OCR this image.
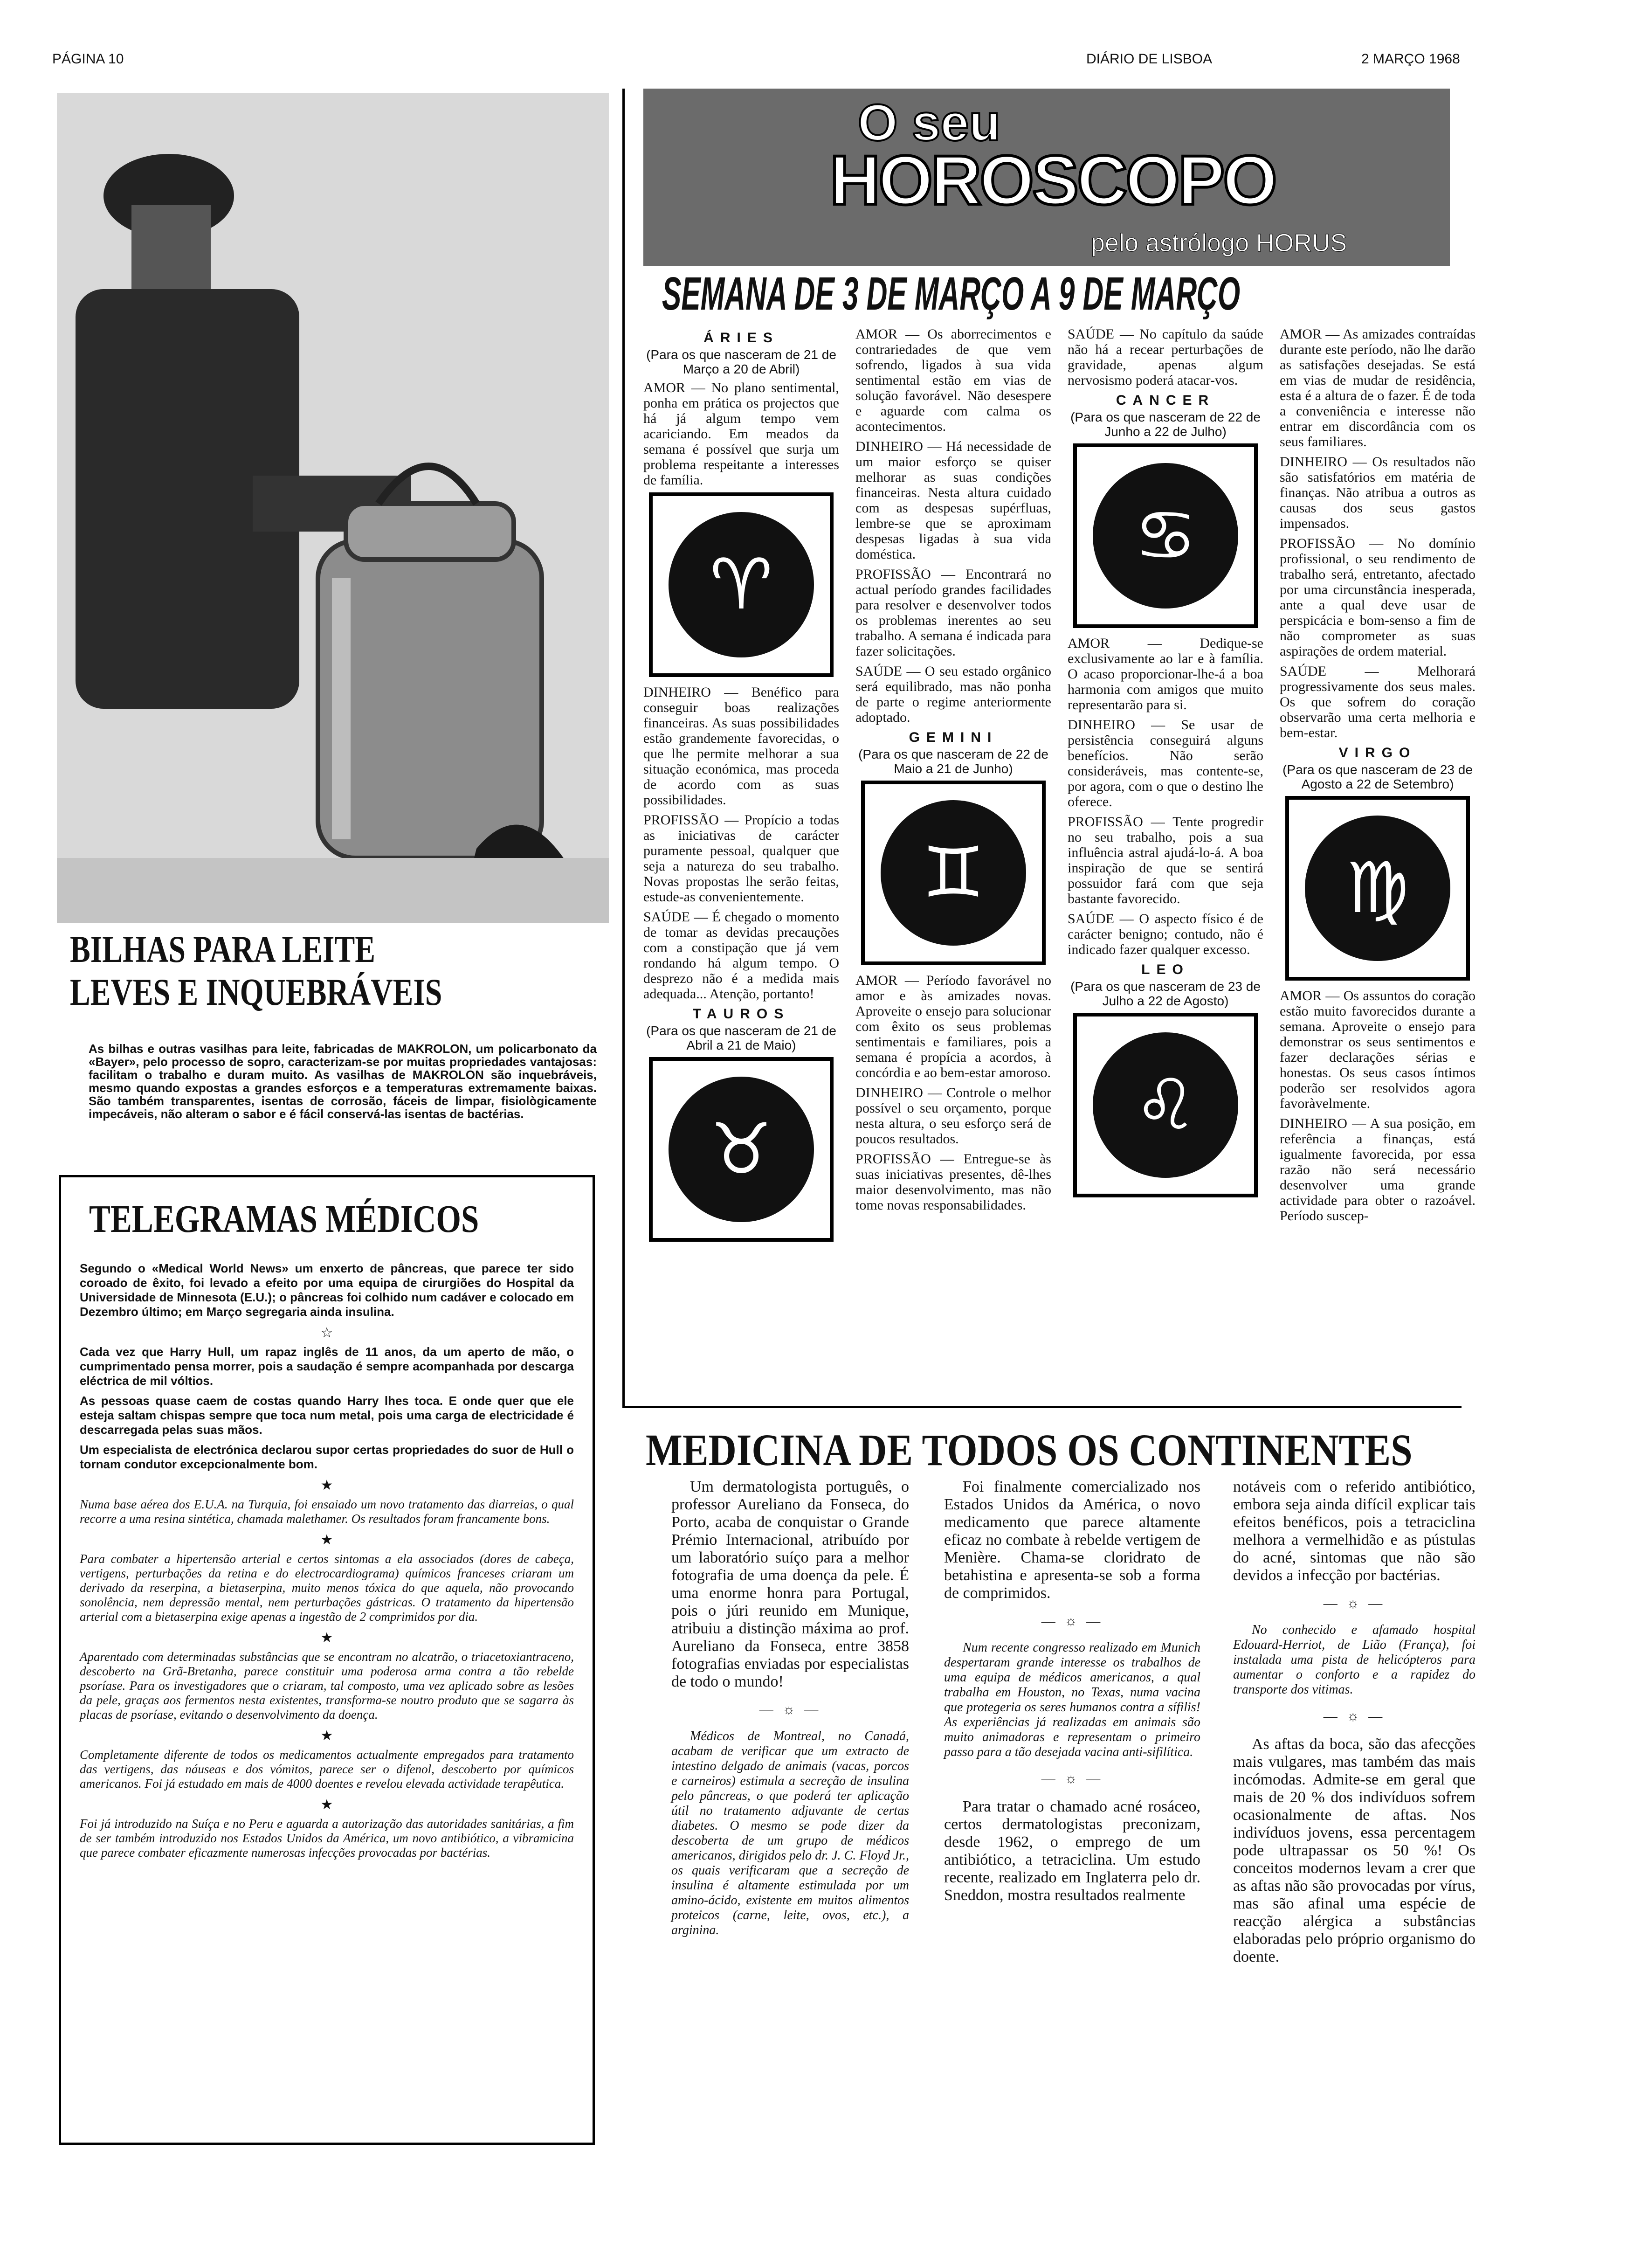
PÁGINA 10	DIÁRIO DE LISBOA	2 MARÇO 1968
BILHAS PARA LEITE
LEVES E INQUEBRÁVEIS
As bilhas e outras vasilhas para leite, fabricadas de MAKROLON, um policarbonato da «Bayer», pelo processo de sopro, caracterizam-se por muitas propriedades vantajosas: facilitam o trabalho e duram muito. As vasilhas de MAKROLON são inquebráveis, mesmo quando expostas a grandes esforços e a temperaturas extremamente baixas. São também transparentes, isentas de corrosão, fáceis de limpar, fisiològicamente impecáveis, não alteram o sabor e é fácil conservá-las isentas de bactérias.
TELEGRAMAS MÉDICOS

Segundo o «Medical World News» um enxerto de pâncreas, que parece ter sido coroado de êxito, foi levado a efeito por uma equipa de cirurgiões do Hospital da Universidade de Minnesota (E.U.); o pâncreas foi colhido num cadáver e colocado em Dezembro último; em Março segregaria ainda insulina.

☆

Cada vez que Harry Hull, um rapaz inglês de 11 anos, da um aperto de mão, o cumprimentado pensa morrer, pois a saudação é sempre acompanhada por descarga eléctrica de mil vóltios.

As pessoas quase caem de costas quando Harry lhes toca. E onde quer que ele esteja saltam chispas sempre que toca num metal, pois uma carga de electricidade é descarregada pelas suas mãos.

Um especialista de electrónica declarou supor certas propriedades do suor de Hull o tornam condutor excepcionalmente bom.

★

Numa base aérea dos E.U.A. na Turquia, foi ensaiado um novo tratamento das diarreias, o qual recorre a uma resina sintética, chamada malethamer. Os resultados foram francamente bons.

★

Para combater a hipertensão arterial e certos sintomas a ela associados (dores de cabeça, vertigens, perturbações da retina e do electrocardiograma) químicos franceses criaram um derivado da reserpina, a bietaserpina, muito menos tóxica do que aquela, não provocando sonolência, nem depressão mental, nem perturbações gástricas. O tratamento da hipertensão arterial com a bietaserpina exige apenas a ingestão de 2 comprimidos por dia.

★

Aparentado com determinadas substâncias que se encontram no alcatrão, o triacetoxiantraceno, descoberto na Grã-Bretanha, parece constituir uma poderosa arma contra a tão rebelde psoríase. Para os investigadores que o criaram, tal composto, uma vez aplicado sobre as lesões da pele, graças aos fermentos nesta existentes, transforma-se noutro produto que se sagarra às placas de psoríase, evitando o desenvolvimento da doença.

★

Completamente diferente de todos os medicamentos actualmente empregados para tratamento das vertigens, das náuseas e dos vómitos, parece ser o difenol, descoberto por químicos americanos. Foi já estudado em mais de 4000 doentes e revelou elevada actividade terapêutica.

★

Foi já introduzido na Suíça e no Peru e aguarda a autorização das autoridades sanitárias, a fim de ser também introduzido nos Estados Unidos da América, um novo antibiótico, a vibramicina que parece combater eficazmente numerosas infecções provocadas por bactérias.

O seu
HOROSCOPO
pelo astrólogo HORUS
SEMANA DE 3 DE MARÇO A 9 DE MARÇO
ÁRIES
(Para os que nasceram de 21 de Março a 20 de Abril)

AMOR — No plano sentimental, ponha em prática os projectos que há já algum tempo vem acariciando. Em meados da semana é possível que surja um problema respeitante a interesses de família.

♈

DINHEIRO — Benéfico para conseguir boas realizações financeiras. As suas possibilidades estão grandemente favorecidas, o que lhe permite melhorar a sua situação económica, mas proceda de acordo com as suas possibilidades.

PROFISSÃO — Propício a todas as iniciativas de carácter puramente pessoal, qualquer que seja a natureza do seu trabalho. Novas propostas lhe serão feitas, estude-as convenientemente.

SAÚDE — É chegado o momento de tomar as devidas precauções com a constipação que já vem rondando há algum tempo. O desprezo não é a medida mais adequada... Atenção, portanto!

TAUROS
(Para os que nasceram de 21 de Abril a 21 de Maio)
♉

AMOR — Os aborrecimentos e contrariedades de que vem sofrendo, ligados à sua vida sentimental estão em vias de solução favorável. Não desespere e aguarde com calma os acontecimentos.

DINHEIRO — Há necessidade de um maior esforço se quiser melhorar as suas condições financeiras. Nesta altura cuidado com as despesas supérfluas, lembre-se que se aproximam despesas ligadas à sua vida doméstica.

PROFISSÃO — Encontrará no actual período grandes facilidades para resolver e desenvolver todos os problemas inerentes ao seu trabalho. A semana é indicada para fazer solicitações.

SAÚDE — O seu estado orgânico será equilibrado, mas não ponha de parte o regime anteriormente adoptado.

GEMINI
(Para os que nasceram de 22 de Maio a 21 de Junho)
♊

AMOR — Período favorável no amor e às amizades novas. Aproveite o ensejo para solucionar com êxito os seus problemas sentimentais e familiares, pois a semana é propícia a acordos, à concórdia e ao bem-estar amoroso.

DINHEIRO — Controle o melhor possível o seu orçamento, porque nesta altura, o seu esforço será de poucos resultados.

PROFISSÃO — Entregue-se às suas iniciativas presentes, dê-lhes maior desenvolvimento, mas não tome novas responsabilidades.

SAÚDE — No capítulo da saúde não há a recear perturbações de gravidade, apenas algum nervosismo poderá atacar-vos.

CANCER
(Para os que nasceram de 22 de Junho a 22 de Julho)
♋

AMOR — Dedique-se exclusivamente ao lar e à família. O acaso proporcionar-lhe-á a boa harmonia com amigos que muito representarão para si.

DINHEIRO — Se usar de persistência conseguirá alguns benefícios. Não serão consideráveis, mas contente-se, por agora, com o que o destino lhe oferece.

PROFISSÃO — Tente progredir no seu trabalho, pois a sua influência astral ajudá-lo-á. A boa inspiração de que se sentirá possuidor fará com que seja bastante favorecido.

SAÚDE — O aspecto físico é de carácter benigno; contudo, não é indicado fazer qualquer excesso.

LEO
(Para os que nasceram de 23 de Julho a 22 de Agosto)
♌

AMOR — As amizades contraídas durante este período, não lhe darão as satisfações desejadas. Se está em vias de mudar de residência, esta é a altura de o fazer. É de toda a conveniência e interesse não entrar em discordância com os seus familiares.

DINHEIRO — Os resultados não são satisfatórios em matéria de finanças. Não atribua a outros as causas dos seus gastos impensados.

PROFISSÃO — No domínio profissional, o seu rendimento de trabalho será, entretanto, afectado por uma circunstância inesperada, ante a qual deve usar de perspicácia e bom-senso a fim de não comprometer as suas aspirações de ordem material.

SAÚDE — Melhorará progressivamente dos seus males. Os que sofrem do coração observarão uma certa melhoria e bem-estar.

VIRGO
(Para os que nasceram de 23 de Agosto a 22 de Setembro)
♍

AMOR — Os assuntos do coração estão muito favorecidos durante a semana. Aproveite o ensejo para demonstrar os seus sentimentos e fazer declarações sérias e honestas. Os seus casos íntimos poderão ser resolvidos agora favoràvelmente.

DINHEIRO — A sua posição, em referência a finanças, está igualmente favorecida, por essa razão não será necessário desenvolver uma grande actividade para obter o razoável. Período suscep-

MEDICINA DE TODOS OS CONTINENTES

Um dermatologista português, o professor Aureliano da Fonseca, do Porto, acaba de conquistar o Grande Prémio Internacional, atribuído por um laboratório suíço para a melhor fotografia de uma doença da pele. É uma enorme honra para Portugal, pois o júri reunido em Munique, atribuiu a distinção máxima ao prof. Aureliano da Fonseca, entre 3858 fotografias enviadas por especialistas de todo o mundo!

— ☼ —

Médicos de Montreal, no Canadá, acabam de verificar que um extracto de intestino delgado de animais (vacas, porcos e carneiros) estimula a secreção de insulina pelo pâncreas, o que poderá ter aplicação útil no tratamento adjuvante de certas diabetes. O mesmo se pode dizer da descoberta de um grupo de médicos americanos, dirigidos pelo dr. J. C. Floyd Jr., os quais verificaram que a secreção de insulina é altamente estimulada por um amino-ácido, existente em muitos alimentos proteicos (carne, leite, ovos, etc.), a arginina.

Foi finalmente comercializado nos Estados Unidos da América, o novo medicamento que parece altamente eficaz no combate à rebelde vertigem de Menière. Chama-se cloridrato de betahistina e apresenta-se sob a forma de comprimidos.

— ☼ —

Num recente congresso realizado em Munich despertaram grande interesse os trabalhos de uma equipa de médicos americanos, a qual trabalha em Houston, no Texas, numa vacina que protegeria os seres humanos contra a sífilis! As experiências já realizadas em animais são muito animadoras e representam o primeiro passo para a tão desejada vacina anti-sifilítica.

— ☼ —

Para tratar o chamado acné rosáceo, certos dermatologistas preconizam, desde 1962, o emprego de um antibiótico, a tetraciclina. Um estudo recente, realizado em Inglaterra pelo dr. Sneddon, mostra resultados realmente

notáveis com o referido antibiótico, embora seja ainda difícil explicar tais efeitos benéficos, pois a tetraciclina melhora a vermelhidão e as pústulas do acné, sintomas que não são devidos a infecção por bactérias.

— ☼ —

No conhecido e afamado hospital Edouard-Herriot, de Lião (França), foi instalada uma pista de helicópteros para aumentar o conforto e a rapidez do transporte dos vitimas.

— ☼ —

As aftas da boca, são das afecções mais vulgares, mas também das mais incómodas. Admite-se em geral que mais de 20 % dos indivíduos sofrem ocasionalmente de aftas. Nos indivíduos jovens, essa percentagem pode ultrapassar os 50 %! Os conceitos modernos levam a crer que as aftas não são provocadas por vírus, mas são afinal uma espécie de reacção alérgica a substâncias elaboradas pelo próprio organismo do doente.
